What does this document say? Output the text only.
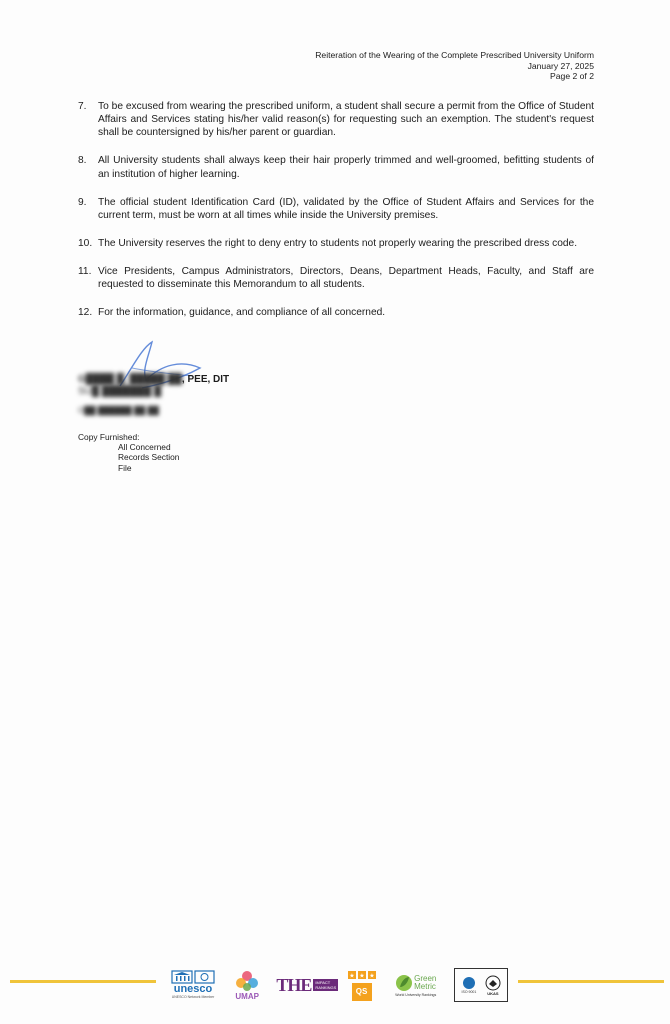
Reiteration of the Wearing of the Complete Prescribed University Uniform
January 27, 2025
Page 2 of 2
7.	To be excused from wearing the prescribed uniform, a student shall secure a permit from the Office of Student Affairs and Services stating his/her valid reason(s) for requesting such an exemption. The student's request shall be countersigned by his/her parent or guardian.
8.	All University students shall always keep their hair properly trimmed and well-groomed, befitting students of an institution of higher learning.
9.	The official student Identification Card (ID), validated by the Office of Student Affairs and Services for the current term, must be worn at all times while inside the University premises.
10. The University reserves the right to deny entry to students not properly wearing the prescribed dress code.
11. Vice Presidents, Campus Administrators, Directors, Deans, Department Heads, Faculty, and Staff are requested to disseminate this Memorandum to all students.
12. For the information, guidance, and compliance of all concerned.
G████ █. █████ ██, PEE, DIT
SU█ ███████ █
O██ ██████ ██ ██
Copy Furnished:
All Concerned
Records Section
File
unesco
UNESCO Network Member	UMAP
THE	IMPACT RANKINGS
★ ★ ★
QS
Green
Metric
World University Rankings
ISO 9001	UKAS
